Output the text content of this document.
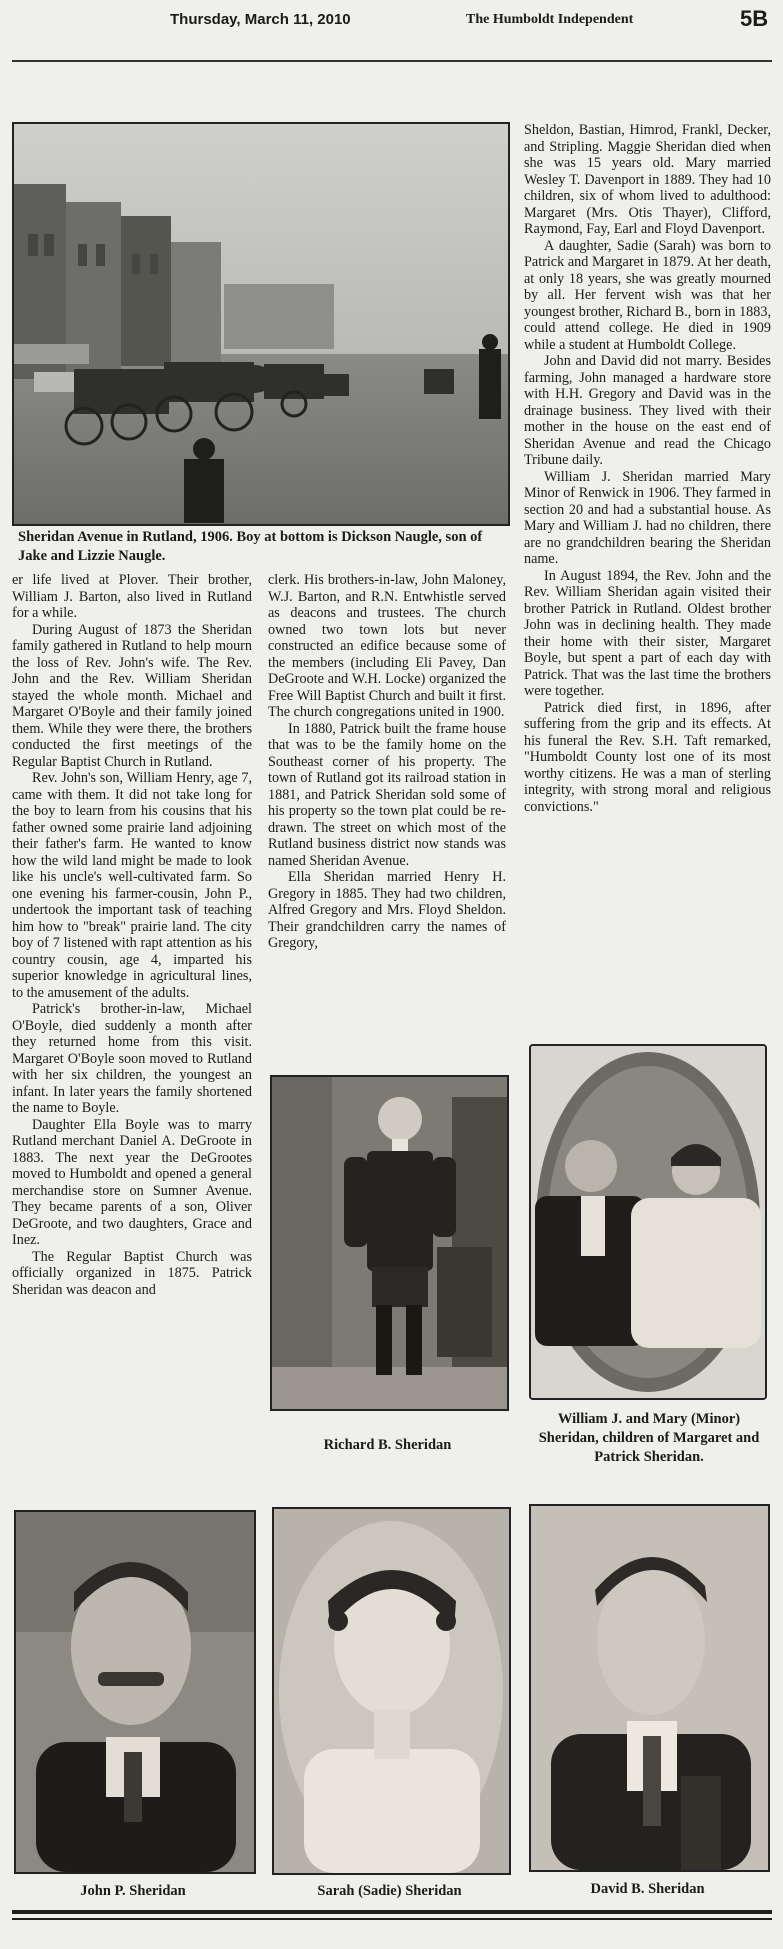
Thursday, March 11, 2010	The Humboldt Independent	5B
Sheridan Avenue in Rutland, 1906. Boy at bottom is Dickson Naugle, son of Jake and Lizzie Naugle.

er life lived at Plover. Their brother, William J. Barton, also lived in Rutland for a while.

During August of 1873 the Sheridan family gathered in Rutland to help mourn the loss of Rev. John's wife. The Rev. John and the Rev. William Sheridan stayed the whole month. Michael and Margaret O'Boyle and their family joined them. While they were there, the brothers conducted the first meetings of the Regular Baptist Church in Rutland.

Rev. John's son, William Henry, age 7, came with them. It did not take long for the boy to learn from his cousins that his father owned some prairie land adjoining their father's farm. He wanted to know how the wild land might be made to look like his uncle's well-cultivated farm. So one evening his farmer-cousin, John P., undertook the important task of teaching him how to "break" prairie land. The city boy of 7 listened with rapt attention as his country cousin, age 4, imparted his superior knowledge in agricultural lines, to the amusement of the adults.

Patrick's brother-in-law, Michael O'Boyle, died suddenly a month after they returned home from this visit. Margaret O'Boyle soon moved to Rutland with her six children, the youngest an infant. In later years the family shortened the name to Boyle.

Daughter Ella Boyle was to marry Rutland merchant Daniel A. DeGroote in 1883. The next year the DeGrootes moved to Humboldt and opened a general merchandise store on Sumner Avenue. They became parents of a son, Oliver DeGroote, and two daughters, Grace and Inez.

The Regular Baptist Church was officially organized in 1875. Patrick Sheridan was deacon and

clerk. His brothers-in-law, John Maloney, W.J. Barton, and R.N. Entwhistle served as deacons and trustees. The church owned two town lots but never constructed an edifice because some of the members (including Eli Pavey, Dan DeGroote and W.H. Locke) organized the Free Will Baptist Church and built it first. The church congregations united in 1900.

In 1880, Patrick built the frame house that was to be the family home on the Southeast corner of his property. The town of Rutland got its railroad station in 1881, and Patrick Sheridan sold some of his property so the town plat could be re-drawn. The street on which most of the Rutland business district now stands was named Sheridan Avenue.

Ella Sheridan married Henry H. Gregory in 1885. They had two children, Alfred Gregory and Mrs. Floyd Sheldon. Their grandchildren carry the names of Gregory,

Sheldon, Bastian, Himrod, Frankl, Decker, and Stripling. Maggie Sheridan died when she was 15 years old. Mary married Wesley T. Davenport in 1889. They had 10 children, six of whom lived to adulthood: Margaret (Mrs. Otis Thayer), Clifford, Raymond, Fay, Earl and Floyd Davenport.

A daughter, Sadie (Sarah) was born to Patrick and Margaret in 1879. At her death, at only 18 years, she was greatly mourned by all. Her fervent wish was that her youngest brother, Richard B., born in 1883, could attend college. He died in 1909 while a student at Humboldt College.

John and David did not marry. Besides farming, John managed a hardware store with H.H. Gregory and David was in the drainage business. They lived with their mother in the house on the east end of Sheridan Avenue and read the Chicago Tribune daily.

William J. Sheridan married Mary Minor of Renwick in 1906. They farmed in section 20 and had a substantial house. As Mary and William J. had no children, there are no grandchildren bearing the Sheridan name.

In August 1894, the Rev. John and the Rev. William Sheridan again visited their brother Patrick in Rutland. Oldest brother John was in declining health. They made their home with their sister, Margaret Boyle, but spent a part of each day with Patrick. That was the last time the brothers were together.

Patrick died first, in 1896, after suffering from the grip and its effects. At his funeral the Rev. S.H. Taft remarked, "Humboldt County lost one of its most worthy citizens. He was a man of sterling integrity, with strong moral and religious convictions."

Richard B. Sheridan
William J. and Mary (Minor) Sheridan, children of Margaret and Patrick Sheridan.
John P. Sheridan	Sarah (Sadie) Sheridan	David B. Sheridan
